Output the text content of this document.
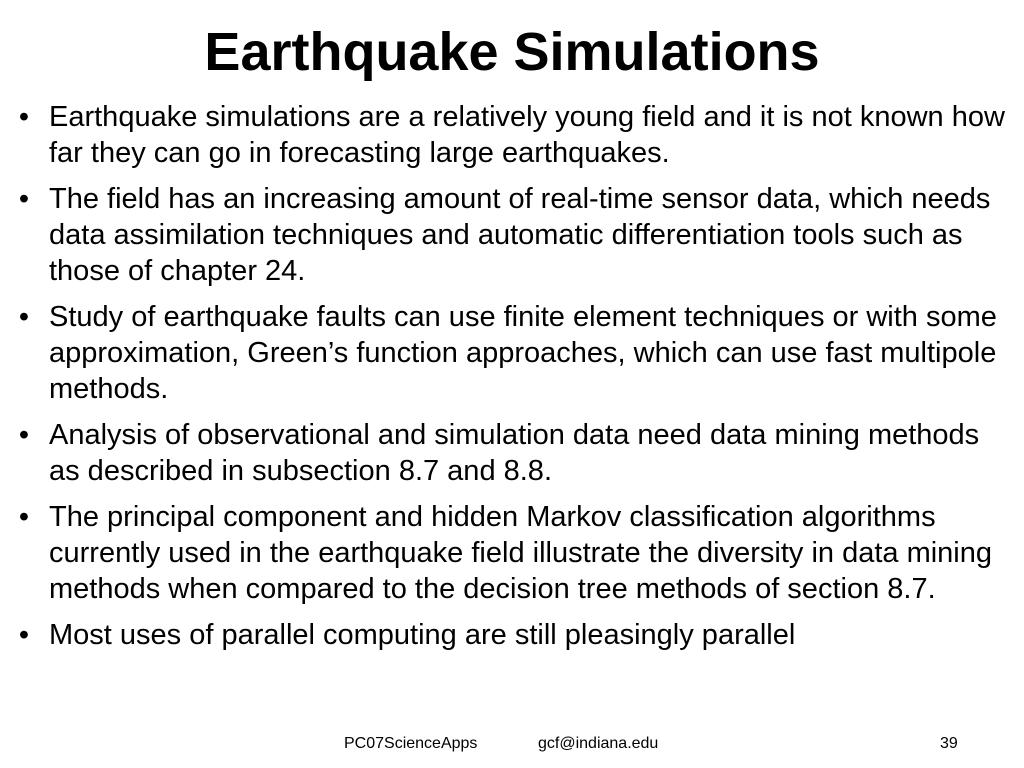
Earthquake Simulations
• Earthquake simulations are a relatively young field and it is not known how far they can go in forecasting large earthquakes.
• The field has an increasing amount of real-time sensor data, which needs data assimilation techniques and automatic differentiation tools such as those of chapter 24.
• Study of earthquake faults can use finite element techniques or with some approximation, Green’s function approaches, which can use fast multipole methods.
• Analysis of observational and simulation data need data mining methods as described in subsection 8.7 and 8.8.
• The principal component and hidden Markov classification algorithms currently used in the earthquake field illustrate the diversity in data mining methods when compared to the decision tree methods of section 8.7.
• Most uses of parallel computing are still pleasingly parallel
PC07ScienceApps	gcf@indiana.edu	39
